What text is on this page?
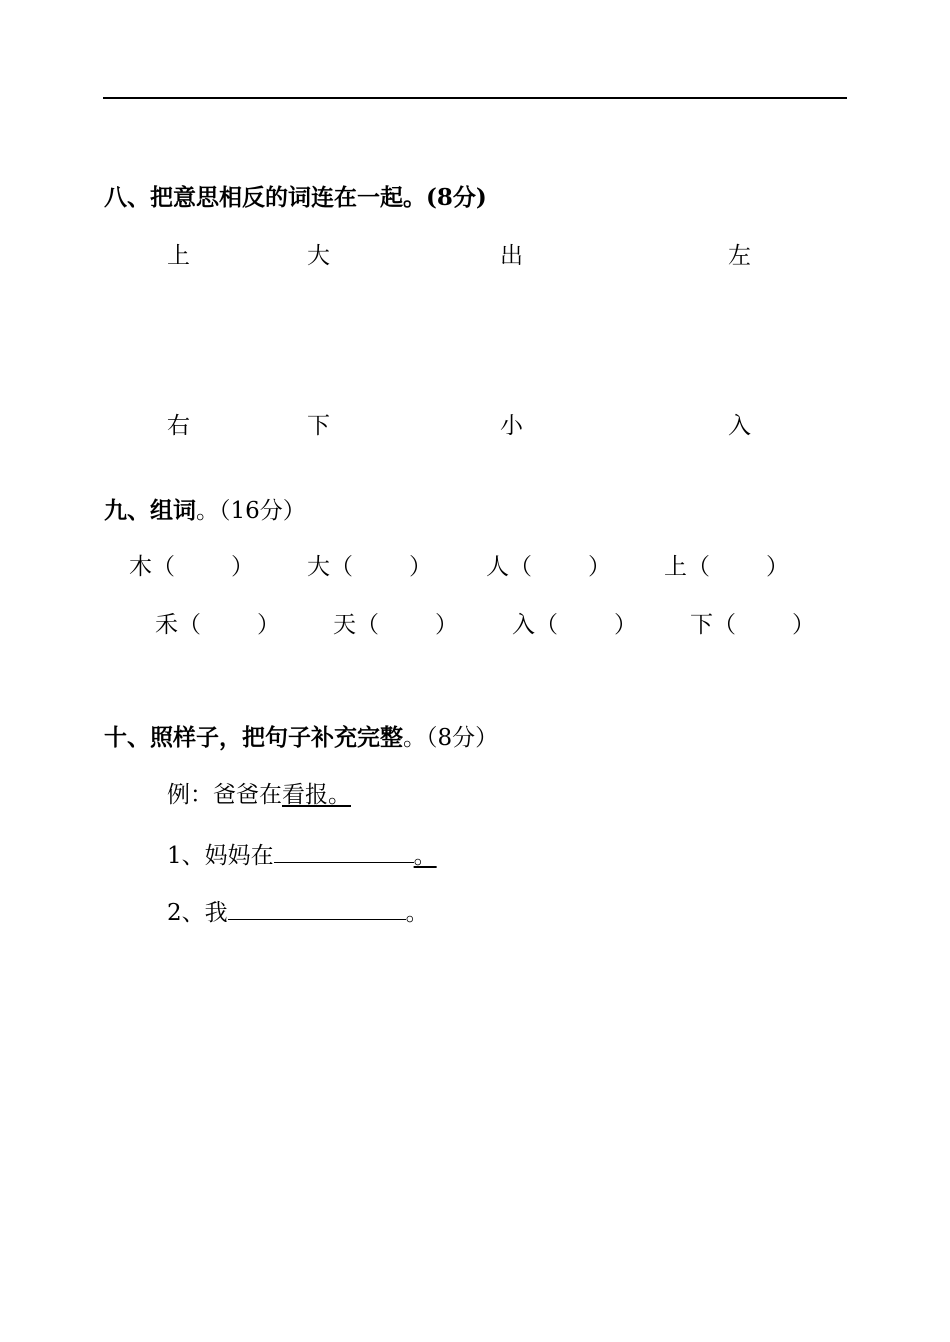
八、把意思相反的词连在一起。(8分)
上	大	出	左
右	下	小	入
九、组词。（16分）
木（ ） 大（ ） 人（ ） 上（ ）
禾（ ） 天（ ） 入（ ） 下（ ）
十、照样子，把句子补充完整。（8分）
例：爸爸在看报。
1、妈妈在	。
2、我	。
